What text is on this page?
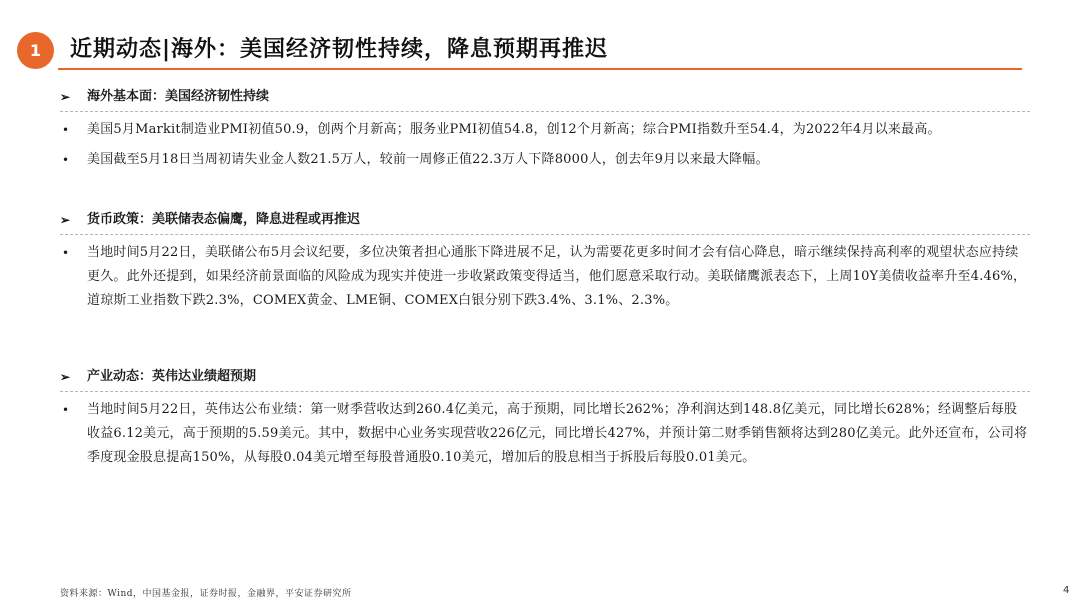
1	近期动态|海外：美国经济韧性持续，降息预期再推迟
➢ 海外基本面：美国经济韧性持续
• 美国5月Markit制造业PMI初值50.9，创两个月新高；服务业PMI初值54.8，创12个月新高；综合PMI指数升至54.4，为2022年4月以来最高。
• 美国截至5月18日当周初请失业金人数21.5万人，较前一周修正值22.3万人下降8000人，创去年9月以来最大降幅。
➢ 货币政策：美联储表态偏鹰，降息进程或再推迟
• 当地时间5月22日，美联储公布5月会议纪要，多位决策者担心通胀下降进展不足，认为需要花更多时间才会有信心降息，暗示继续保持高利率的观望状态应持续更久。此外还提到，如果经济前景面临的风险成为现实并使进一步收紧政策变得适当，他们愿意采取行动。美联储鹰派表态下，上周10Y美债收益率升至4.46%，道琼斯工业指数下跌2.3%，COMEX黄金、LME铜、COMEX白银分别下跌3.4%、3.1%、2.3%。
➢ 产业动态：英伟达业绩超预期
• 当地时间5月22日，英伟达公布业绩：第一财季营收达到260.4亿美元，高于预期，同比增长262%；净利润达到148.8亿美元，同比增长628%；经调整后每股收益6.12美元，高于预期的5.59美元。其中，数据中心业务实现营收226亿元，同比增长427%，并预计第二财季销售额将达到280亿美元。此外还宣布，公司将季度现金股息提高150%，从每股0.04美元增至每股普通股0.10美元，增加后的股息相当于拆股后每股0.01美元。
资料来源：Wind，中国基金报，证券时报，金融界，平安证券研究所	4
